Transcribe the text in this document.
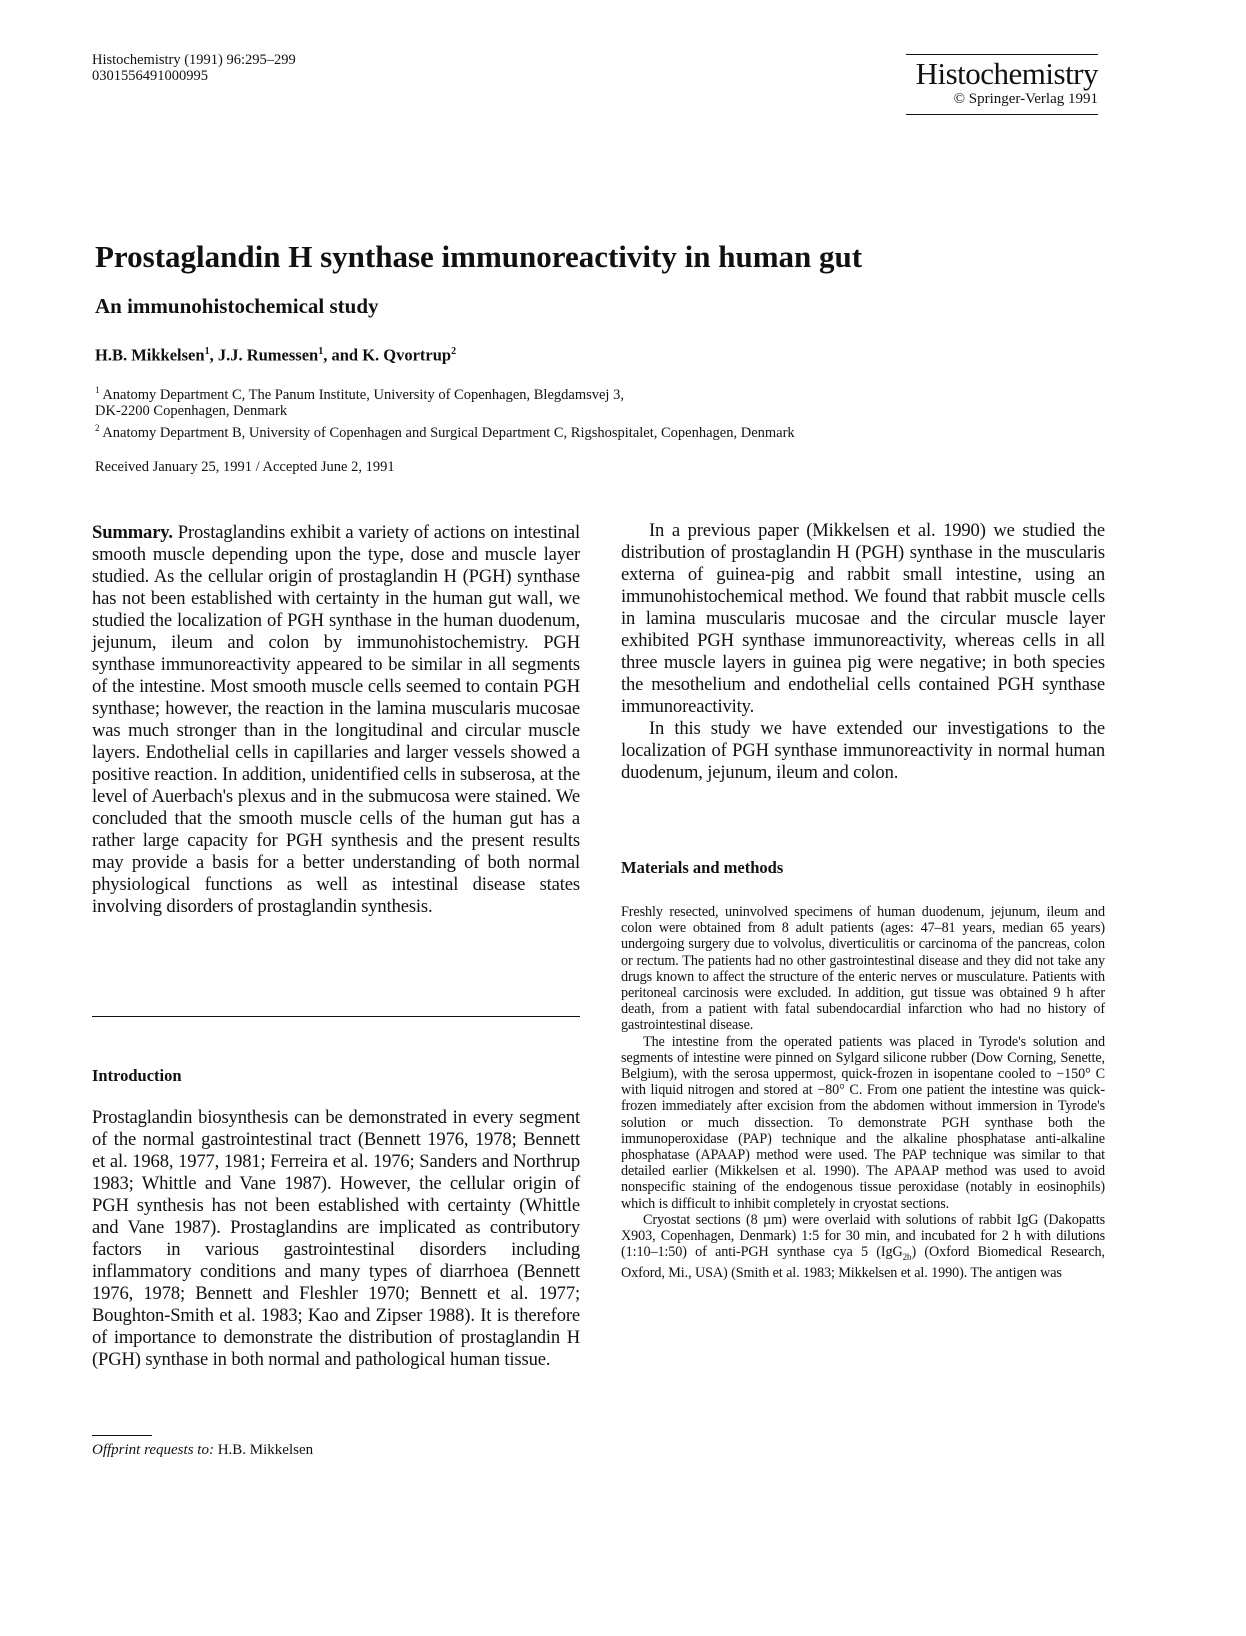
Histochemistry (1991) 96:295–299
0301556491000995	Histochemistry
© Springer-Verlag 1991
Prostaglandin H synthase immunoreactivity in human gut
An immunohistochemical study
H.B. Mikkelsen$^1$, J.J. Rumessen$^1$, and K. Qvortrup$^2$
$^1$ Anatomy Department C, The Panum Institute, University of Copenhagen, Blegdamsvej 3,
DK-2200 Copenhagen, Denmark
$^2$ Anatomy Department B, University of Copenhagen and Surgical Department C, Rigshospitalet, Copenhagen, Denmark
Received January 25, 1991 / Accepted June 2, 1991

Summary. Prostaglandins exhibit a variety of actions on intestinal smooth muscle depending upon the type, dose and muscle layer studied. As the cellular origin of prostaglandin H (PGH) synthase has not been established with certainty in the human gut wall, we studied the localization of PGH synthase in the human duodenum, jejunum, ileum and colon by immunohistochemistry. PGH synthase immunoreactivity appeared to be similar in all segments of the intestine. Most smooth muscle cells seemed to contain PGH synthase; however, the reaction in the lamina muscularis mucosae was much stronger than in the longitudinal and circular muscle layers. Endothelial cells in capillaries and larger vessels showed a positive reaction. In addition, unidentified cells in subserosa, at the level of Auerbach's plexus and in the submucosa were stained. We concluded that the smooth muscle cells of the human gut has a rather large capacity for PGH synthesis and the present results may provide a basis for a better understanding of both normal physiological functions as well as intestinal disease states involving disorders of prostaglandin synthesis.

Introduction

Prostaglandin biosynthesis can be demonstrated in every segment of the normal gastrointestinal tract (Bennett 1976, 1978; Bennett et al. 1968, 1977, 1981; Ferreira et al. 1976; Sanders and Northrup 1983; Whittle and Vane 1987). However, the cellular origin of PGH synthesis has not been established with certainty (Whittle and Vane 1987). Prostaglandins are implicated as contributory factors in various gastrointestinal disorders including inflammatory conditions and many types of diarrhoea (Bennett 1976, 1978; Bennett and Fleshler 1970; Bennett et al. 1977; Boughton-Smith et al. 1983; Kao and Zipser 1988). It is therefore of importance to demonstrate the distribution of prostaglandin H (PGH) synthase in both normal and pathological human tissue.

Offprint requests to: H.B. Mikkelsen

In a previous paper (Mikkelsen et al. 1990) we studied the distribution of prostaglandin H (PGH) synthase in the muscularis externa of guinea-pig and rabbit small intestine, using an immunohistochemical method. We found that rabbit muscle cells in lamina muscularis mucosae and the circular muscle layer exhibited PGH synthase immunoreactivity, whereas cells in all three muscle layers in guinea pig were negative; in both species the mesothelium and endothelial cells contained PGH synthase immunoreactivity.

In this study we have extended our investigations to the localization of PGH synthase immunoreactivity in normal human duodenum, jejunum, ileum and colon.

Materials and methods

Freshly resected, uninvolved specimens of human duodenum, jejunum, ileum and colon were obtained from 8 adult patients (ages: 47–81 years, median 65 years) undergoing surgery due to volvolus, diverticulitis or carcinoma of the pancreas, colon or rectum. The patients had no other gastrointestinal disease and they did not take any drugs known to affect the structure of the enteric nerves or musculature. Patients with peritoneal carcinosis were excluded. In addition, gut tissue was obtained 9 h after death, from a patient with fatal subendocardial infarction who had no history of gastrointestinal disease.

The intestine from the operated patients was placed in Tyrode's solution and segments of intestine were pinned on Sylgard silicone rubber (Dow Corning, Senette, Belgium), with the serosa uppermost, quick-frozen in isopentane cooled to −150° C with liquid nitrogen and stored at −80° C. From one patient the intestine was quick-frozen immediately after excision from the abdomen without immersion in Tyrode's solution or much dissection. To demonstrate PGH synthase both the immunoperoxidase (PAP) technique and the alkaline phosphatase anti-alkaline phosphatase (APAAP) method were used. The PAP technique was similar to that detailed earlier (Mikkelsen et al. 1990). The APAAP method was used to avoid nonspecific staining of the endogenous tissue peroxidase (notably in eosinophils) which is difficult to inhibit completely in cryostat sections.

Cryostat sections (8 µm) were overlaid with solutions of rabbit IgG (Dakopatts X903, Copenhagen, Denmark) 1:5 for 30 min, and incubated for 2 h with dilutions (1:10–1:50) of anti-PGH synthase cya 5 (IgG$_{2b}$) (Oxford Biomedical Research, Oxford, Mi., USA) (Smith et al. 1983; Mikkelsen et al. 1990). The antigen was
